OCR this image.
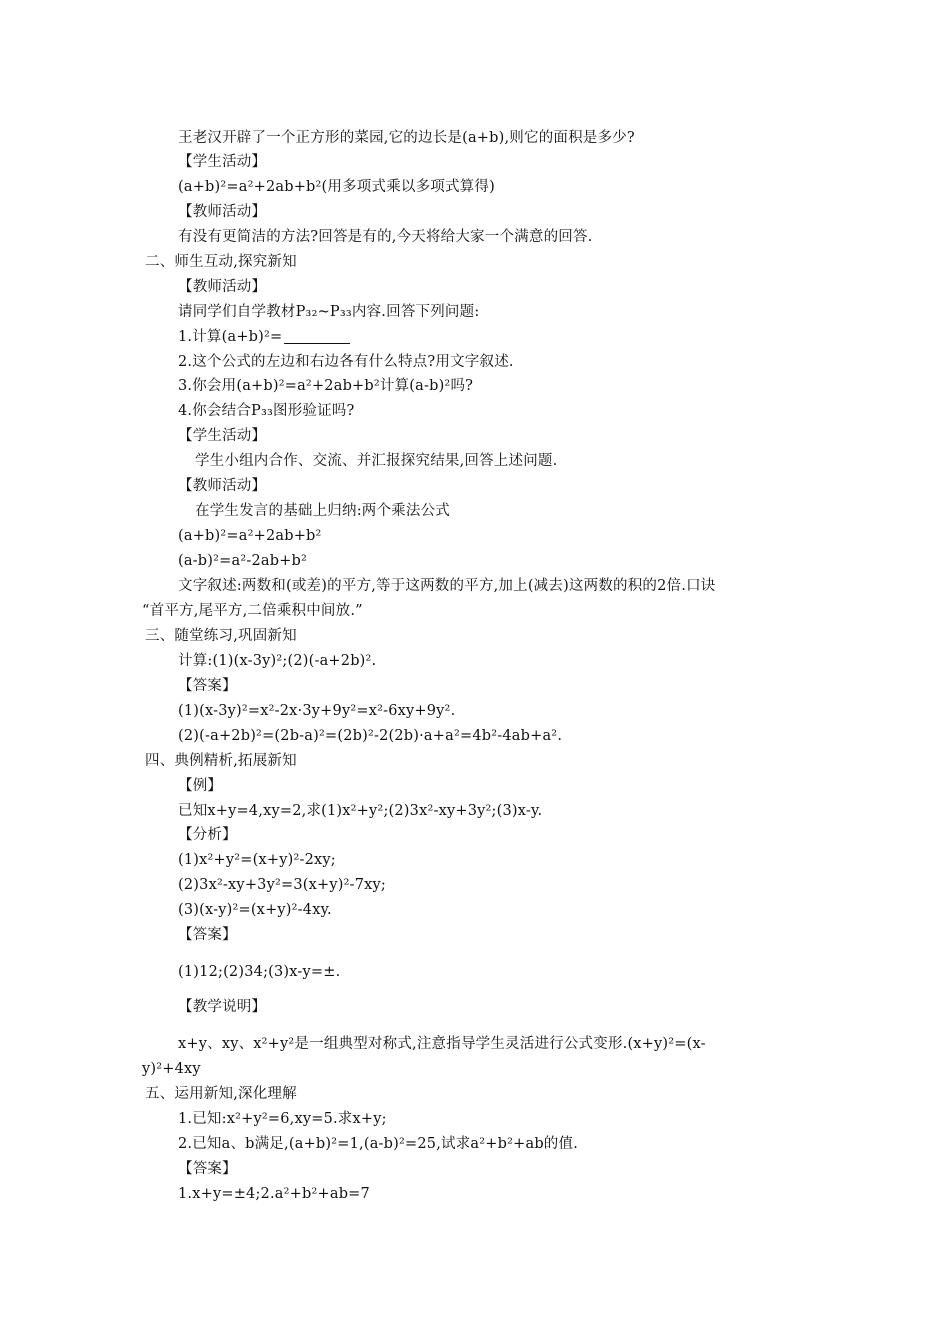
王老汉开辟了一个正方形的菜园,它的边长是(a+b),则它的面积是多少?
【学生活动】
(a+b)²=a²+2ab+b²(用多项式乘以多项式算得)
【教师活动】
有没有更简洁的方法?回答是有的,今天将给大家一个满意的回答.
二、师生互动,探究新知
【教师活动】
请同学们自学教材P₃₂~P₃₃内容.回答下列问题:
1.计算(a+b)²=
2.这个公式的左边和右边各有什么特点?用文字叙述.
3.你会用(a+b)²=a²+2ab+b²计算(a-b)²吗?
4.你会结合P₃₃图形验证吗?
【学生活动】
学生小组内合作、交流、并汇报探究结果,回答上述问题.
【教师活动】
在学生发言的基础上归纳:两个乘法公式
(a+b)²=a²+2ab+b²
(a-b)²=a²-2ab+b²
文字叙述:两数和(或差)的平方,等于这两数的平方,加上(减去)这两数的积的2倍.口诀
“首平方,尾平方,二倍乘积中间放.”
三、随堂练习,巩固新知
计算:(1)(x-3y)²;(2)(-a+2b)².
【答案】
(1)(x-3y)²=x²-2x·3y+9y²=x²-6xy+9y².
(2)(-a+2b)²=(2b-a)²=(2b)²-2(2b)·a+a²=4b²-4ab+a².
四、典例精析,拓展新知
【例】
已知x+y=4,xy=2,求(1)x²+y²;(2)3x²-xy+3y²;(3)x-y.
【分析】
(1)x²+y²=(x+y)²-2xy;
(2)3x²-xy+3y²=3(x+y)²-7xy;
(3)(x-y)²=(x+y)²-4xy.
【答案】
(1)12;(2)34;(3)x-y=±.
【教学说明】
x+y、xy、x²+y²是一组典型对称式,注意指导学生灵活进行公式变形.(x+y)²=(x-
y)²+4xy
五、运用新知,深化理解
1.已知:x²+y²=6,xy=5.求x+y;
2.已知a、b满足,(a+b)²=1,(a-b)²=25,试求a²+b²+ab的值.
【答案】
1.x+y=±4;2.a²+b²+ab=7
